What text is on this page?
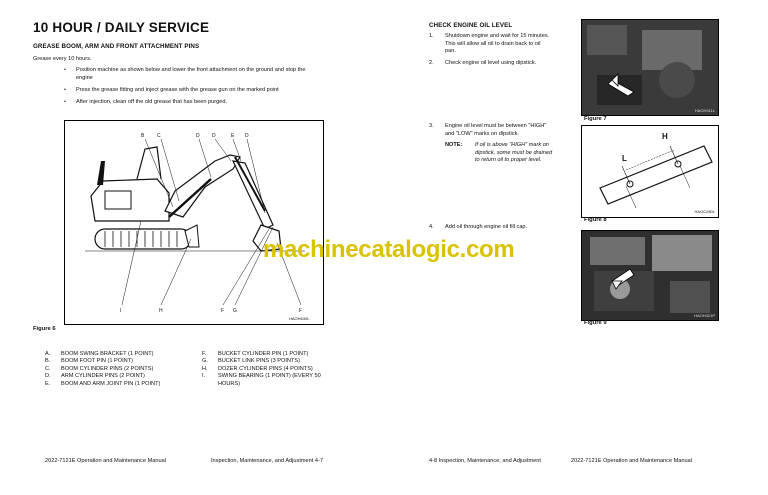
10 HOUR / DAILY SERVICE
GREASE BOOM, ARM AND FRONT ATTACHMENT PINS
Grease every 10 hours.
• Position machine as shown below and lower the front attachment on the ground and stop the
engine
• Press the grease fitting and inject grease with the grease gun on the marked point
• After injection, clean off the old grease that has been purged.
B	C	D D	E D
I	H	F G	F
HAOH630L
Figure 6
A. BOOM SWING BRACKET (1 POINT)
B. BOOM FOOT PIN (1 POINT)
C. BOOM CYLINDER PINS (2 POINTS)
D. ARM CYLINDER PINS (2 POINT)
E. BOOM AND ARM JOINT PIN (1 POINT)
F. BUCKET CYLINDER PIN (1 POINT)
G. BUCKET LINK PINS (3 POINTS)
H. DOZER CYLINDER PINS (4 POINTS)
I. SWING BEARING (1 POINT) (EVERY 50
HOURS)
2022-7121E Operation and Maintenance Manual	Inspection, Maintenance, and Adjustment 4-7
CHECK ENGINE OIL LEVEL
1. Shutdown engine and wait for 15 minutes.
This will allow all oil to drain back to oil
pan.
2. Check engine oil level using dipstick.
3. Engine oil level must be between "HIGH"
and "LOW" marks on dipstick.
NOTE: If oil is above "HIGH" mark on
dipstick, some must be drained
to return oil to proper level.
4. Add oil through engine oil fill cap.
HAOH311L
Figure 7
H
L
HAOC280L
Figure 8
HAOH321P
Figure 9
4-8 Inspection, Maintenance, and Adjustment	2022-7121E Operation and Maintenance Manual
machinecatalogic.com
